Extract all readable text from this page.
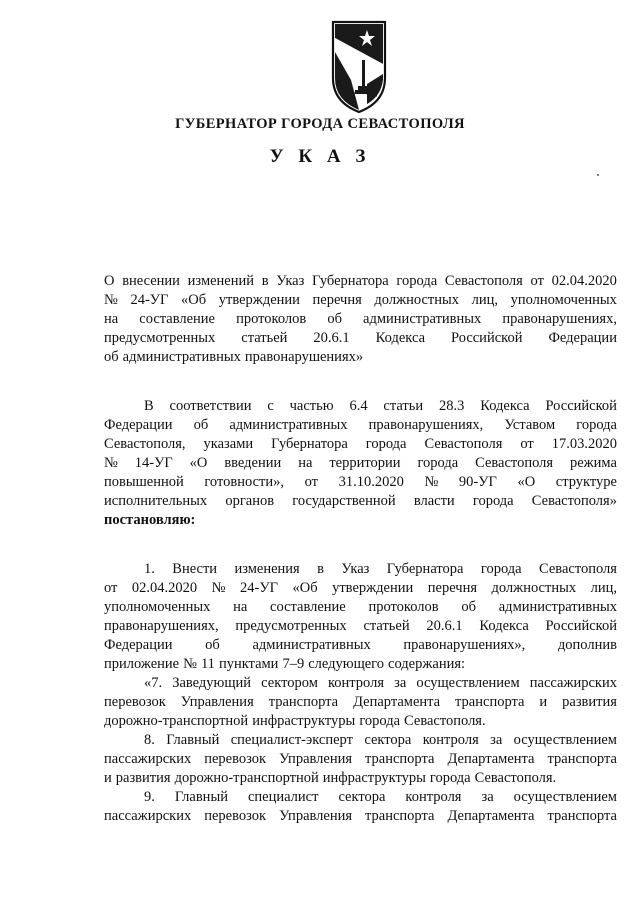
ГУБЕРНАТОР ГОРОДА СЕВАСТОПОЛЯ
У К А З
О внесении изменений в Указ Губернатора города Севастополя от 02.04.2020
№ 24-УГ «Об утверждении перечня должностных лиц, уполномоченных
на составление протоколов об административных правонарушениях,
предусмотренных статьей 20.6.1 Кодекса Российской Федерации
об административных правонарушениях»
В соответствии с частью 6.4 статьи 28.3 Кодекса Российской
Федерации об административных правонарушениях, Уставом города
Севастополя, указами Губернатора города Севастополя от 17.03.2020
№ 14-УГ «О введении на территории города Севастополя режима
повышенной готовности», от 31.10.2020 № 90-УГ «О структуре
исполнительных органов государственной власти города Севастополя»
постановляю:
1. Внести изменения в Указ Губернатора города Севастополя
от 02.04.2020 № 24-УГ «Об утверждении перечня должностных лиц,
уполномоченных на составление протоколов об административных
правонарушениях, предусмотренных статьей 20.6.1 Кодекса Российской
Федерации об административных правонарушениях», дополнив
приложение № 11 пунктами 7–9 следующего содержания:
«7. Заведующий сектором контроля за осуществлением пассажирских
перевозок Управления транспорта Департамента транспорта и развития
дорожно-транспортной инфраструктуры города Севастополя.
8. Главный специалист-эксперт сектора контроля за осуществлением
пассажирских перевозок Управления транспорта Департамента транспорта
и развития дорожно-транспортной инфраструктуры города Севастополя.
9. Главный специалист сектора контроля за осуществлением
пассажирских перевозок Управления транспорта Департамента транспорта
